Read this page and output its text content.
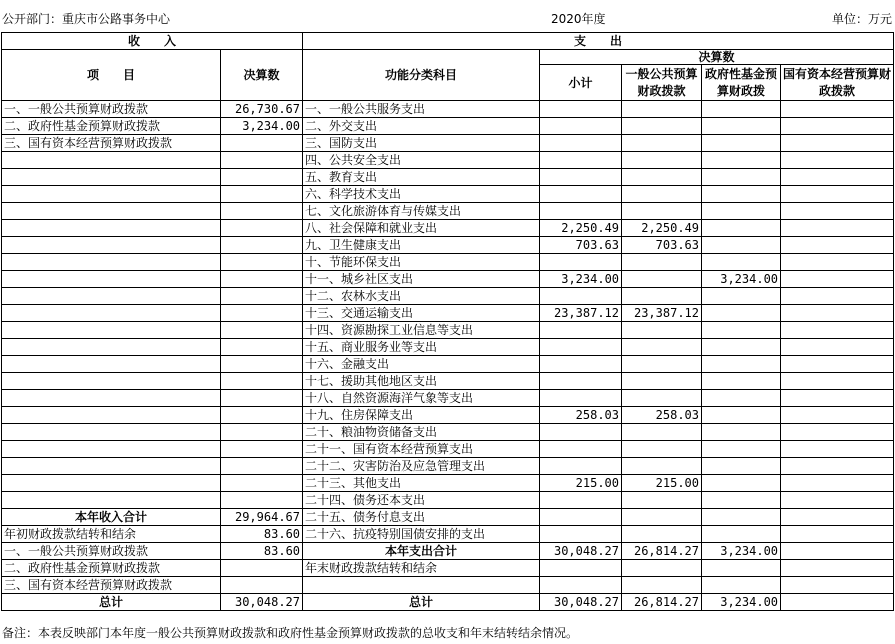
公开部门：重庆市公路事务中心	2020年度	单位：万元
收　　入		支　　出				
项　　目	决算数	功能分类科目	决算数			
			小计	一般公共预算财政拨款	政府性基金预算财政拨	国有资本经营预算财政拨款

一、一般公共预算财政拨款	26,730.67	一、一般公共服务支出				
二、政府性基金预算财政拨款	3,234.00	二、外交支出				
三、国有资本经营预算财政拨款		三、国防支出				
		四、公共安全支出				
		五、教育支出				
		六、科学技术支出				
		七、文化旅游体育与传媒支出				
		八、社会保障和就业支出	2,250.49	2,250.49		
		九、卫生健康支出	703.63	703.63		
		十、节能环保支出				
		十一、城乡社区支出	3,234.00		3,234.00	
		十二、农林水支出				
		十三、交通运输支出	23,387.12	23,387.12		
		十四、资源勘探工业信息等支出				
		十五、商业服务业等支出				
		十六、金融支出				
		十七、援助其他地区支出				
		十八、自然资源海洋气象等支出				
		十九、住房保障支出	258.03	258.03		
		二十、粮油物资储备支出				
		二十一、国有资本经营预算支出				
		二十二、灾害防治及应急管理支出				
		二十三、其他支出	215.00	215.00		
		二十四、债务还本支出				
本年收入合计	29,964.67	二十五、债务付息支出				
年初财政拨款结转和结余	83.60	二十六、抗疫特别国债安排的支出				
一、一般公共预算财政拨款	83.60	本年支出合计	30,048.27	26,814.27	3,234.00	
二、政府性基金预算财政拨款		年末财政拨款结转和结余				
三、国有资本经营预算财政拨款						
总计	30,048.27	总计	30,048.27	26,814.27	3,234.00	
备注：本表反映部门本年度一般公共预算财政拨款和政府性基金预算财政拨款的总收支和年末结转结余情况。
